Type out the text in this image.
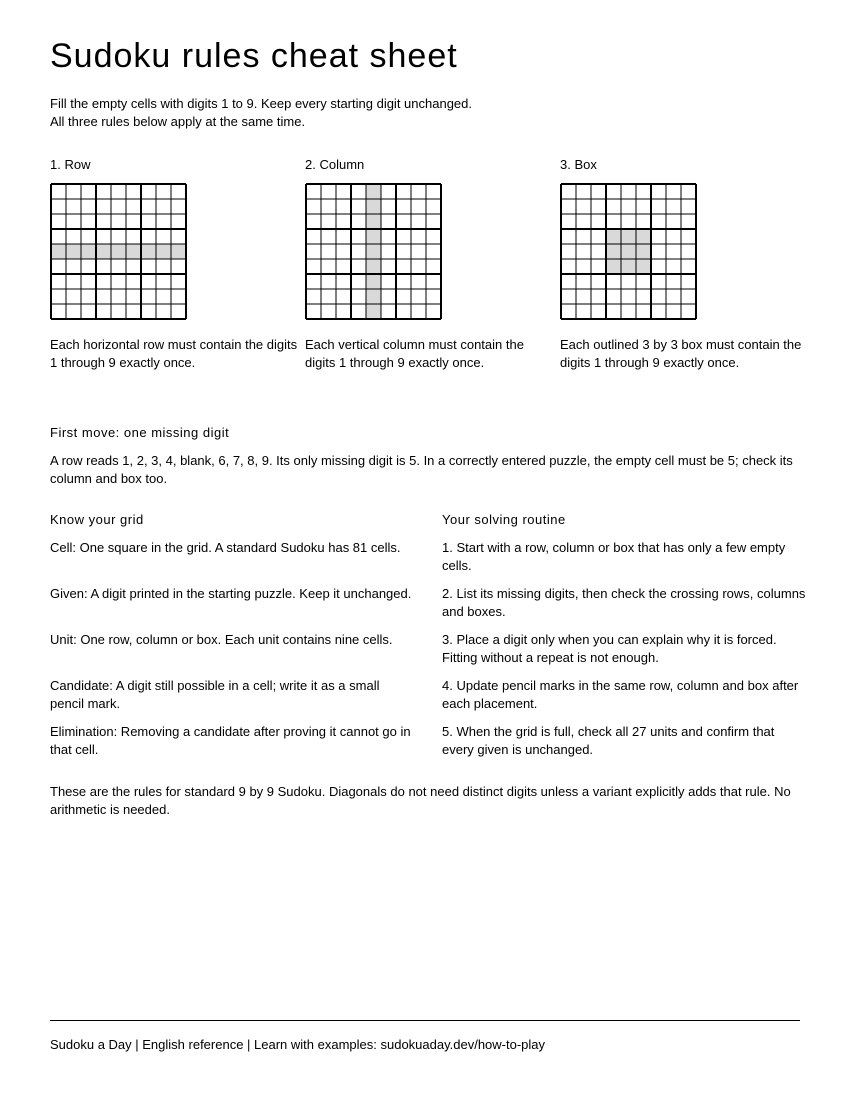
Sudoku rules cheat sheet

Fill the empty cells with digits 1 to 9. Keep every starting digit unchanged.

All three rules below apply at the same time.

1. Row

Each horizontal row must contain the digits 1 through 9 exactly once.

2. Column

Each vertical column must contain the digits 1 through 9 exactly once.

3. Box

Each outlined 3 by 3 box must contain the digits 1 through 9 exactly once.

First move: one missing digit

A row reads 1, 2, 3, 4, blank, 6, 7, 8, 9. Its only missing digit is 5. In a correctly entered puzzle, the empty cell must be 5; check its column and box too.

Know your grid

Cell: One square in the grid. A standard Sudoku has 81 cells.

Given: A digit printed in the starting puzzle. Keep it unchanged.

Unit: One row, column or box. Each unit contains nine cells.

Candidate: A digit still possible in a cell; write it as a small pencil mark.

Elimination: Removing a candidate after proving it cannot go in that cell.

Your solving routine

1. Start with a row, column or box that has only a few empty cells.

2. List its missing digits, then check the crossing rows, columns and boxes.

3. Place a digit only when you can explain why it is forced. Fitting without a repeat is not enough.

4. Update pencil marks in the same row, column and box after each placement.

5. When the grid is full, check all 27 units and confirm that every given is unchanged.

These are the rules for standard 9 by 9 Sudoku. Diagonals do not need distinct digits unless a variant explicitly adds that rule. No arithmetic is needed.

Sudoku a Day | English reference | Learn with examples: sudokuaday.dev/how-to-play
